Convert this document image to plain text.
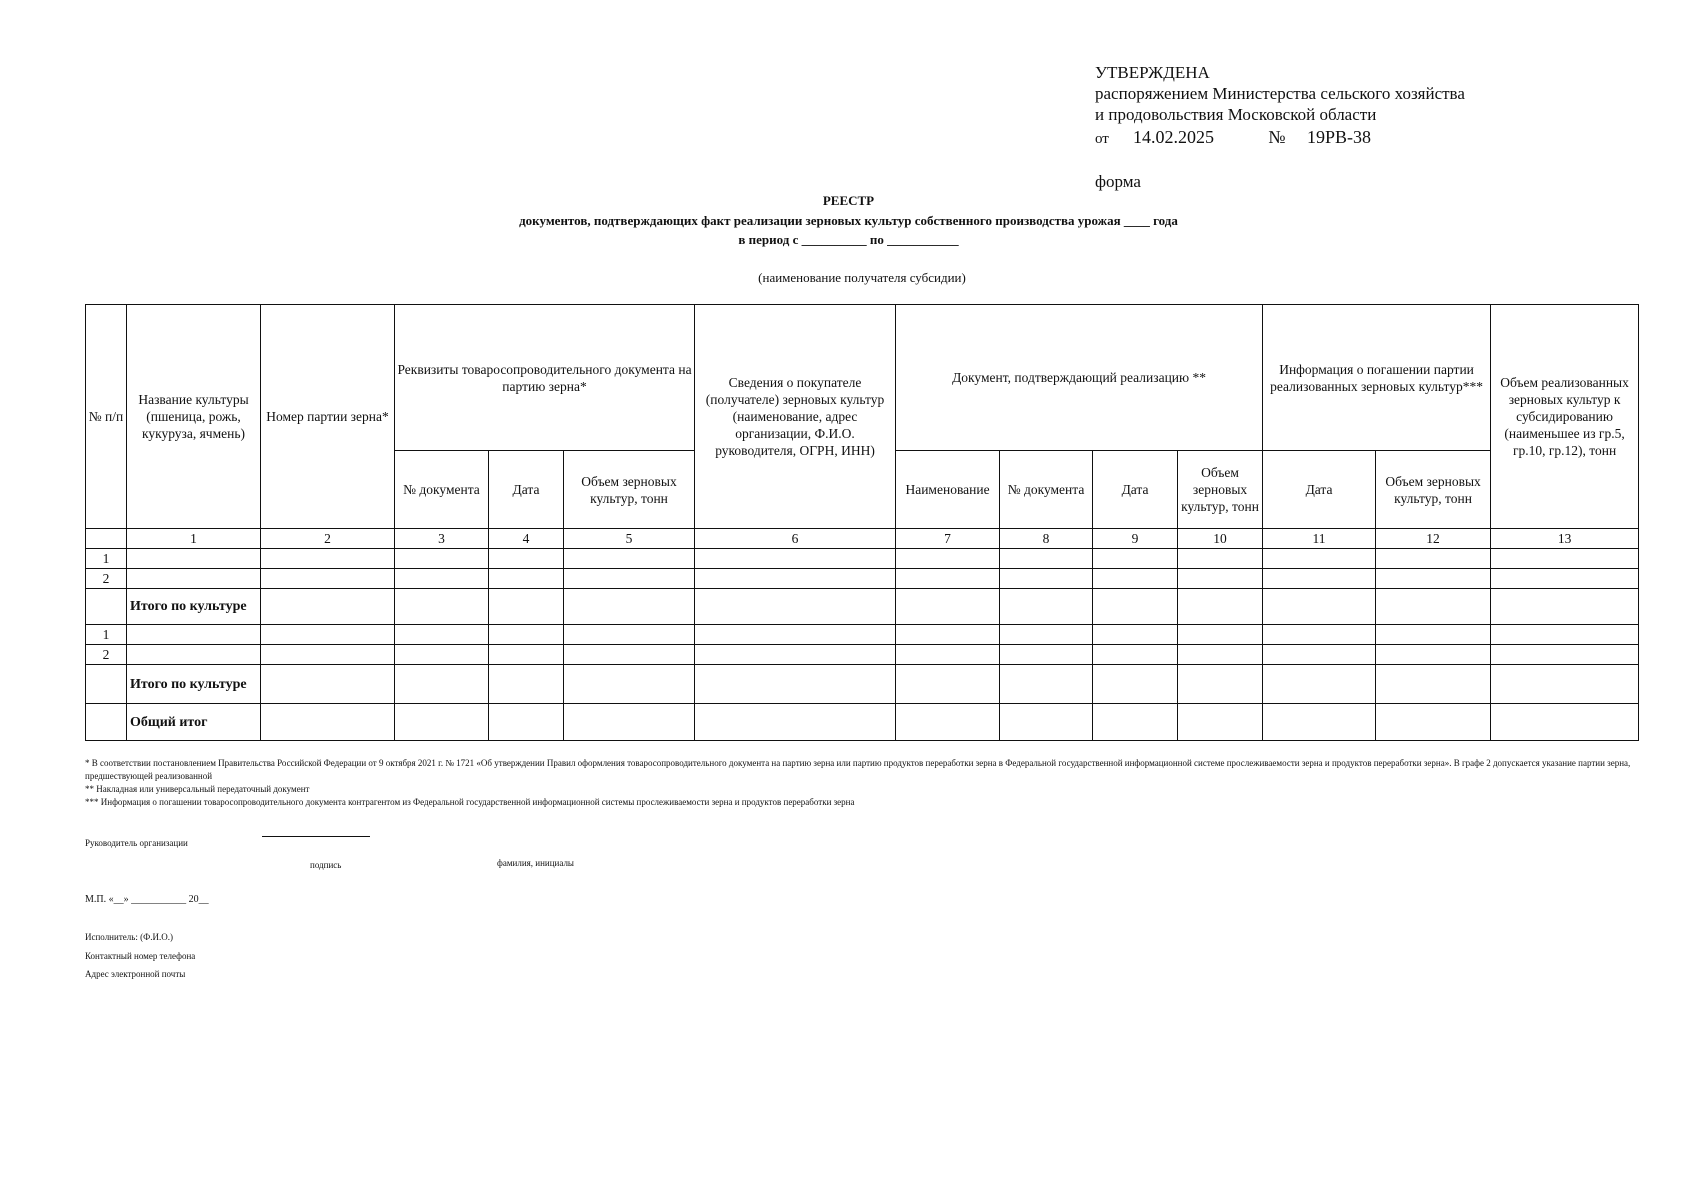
УТВЕРЖДЕНА
распоряжением Министерства сельского хозяйства
и продовольствия Московской области
от 14.02.2025	№ 19РВ-38
форма
РЕЕСТР
документов, подтверждающих факт реализации зерновых культур собственного производства урожая ____ года
в период с __________ по ___________
(наименование получателя субсидии)
№ п/п	Название культуры (пшеница, рожь, кукуруза, ячмень)	Номер партии зерна*	Реквизиты товаросопроводительного документа на партию зерна*			Сведения о покупателе (получателе) зерновых культур (наименование, адрес организации, Ф.И.О. руководителя, ОГРН, ИНН)	Документ, подтверждающий реализацию **				Информация о погашении партии реализованных зерновых культур***		Объем реализованных зерновых культур к субсидированию (наименьшее из гр.5, гр.10, гр.12), тонн
			№ документа	Дата	Объем зерновых культур, тонн		Наименование	№ документа	Дата	Объем зерновых культур, тонн	Дата	Объем зерновых культур, тонн	
	1	2	3	4	5	6	7	8	9	10	11	12	13
1													
2													
	Итого по культуре												
1													
2													
	Итого по культуре												
	Общий итог												
* В соответствии постановлением Правительства Российской Федерации от 9 октября 2021 г. № 1721 «Об утверждении Правил оформления товаросопроводительного документа на партию зерна или партию продуктов переработки зерна в Федеральной государственной информационной системе прослеживаемости зерна и продуктов переработки зерна». В графе 2 допускается указание партии зерна, предшествующей реализованной
** Накладная или универсальный передаточный документ
*** Информация о погашении товаросопроводительного документа контрагентом из Федеральной государственной информационной системы прослеживаемости зерна и продуктов переработки зерна
Руководитель организации
подпись	фамилия, инициалы
М.П. «__» ___________ 20__
Исполнитель: (Ф.И.О.)
Контактный номер телефона
Адрес электронной почты
